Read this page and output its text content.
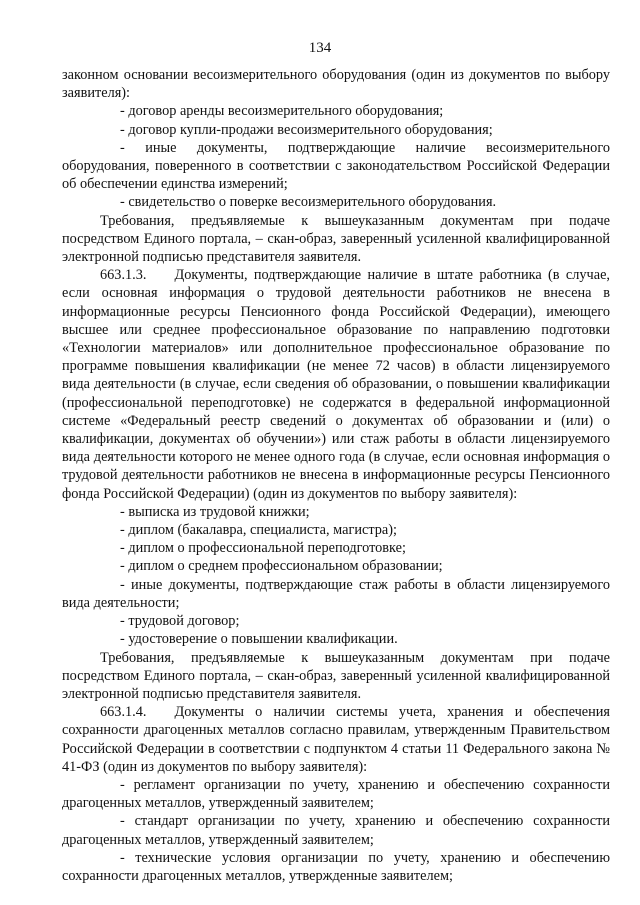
134

законном основании весоизмерительного оборудования (один из документов по выбору заявителя):

- договор аренды весоизмерительного оборудования;

- договор купли-продажи весоизмерительного оборудования;

- иные документы, подтверждающие наличие весоизмерительного оборудования, поверенного в соответствии с законодательством Российской Федерации об обеспечении единства измерений;

- свидетельство о поверке весоизмерительного оборудования.

Требования, предъявляемые к вышеуказанным документам при подаче посредством Единого портала, – скан-образ, заверенный усиленной квалифицированной электронной подписью представителя заявителя.

663.1.3. Документы, подтверждающие наличие в штате работника (в случае, если основная информация о трудовой деятельности работников не внесена в информационные ресурсы Пенсионного фонда Российской Федерации), имеющего высшее или среднее профессиональное образование по направлению подготовки «Технологии материалов» или дополнительное профессиональное образование по программе повышения квалификации (не менее 72 часов) в области лицензируемого вида деятельности (в случае, если сведения об образовании, о повышении квалификации (профессиональной переподготовке) не содержатся в федеральной информационной системе «Федеральный реестр сведений о документах об образовании и (или) о квалификации, документах об обучении») или стаж работы в области лицензируемого вида деятельности которого не менее одного года (в случае, если основная информация о трудовой деятельности работников не внесена в информационные ресурсы Пенсионного фонда Российской Федерации) (один из документов по выбору заявителя):

- выписка из трудовой книжки;

- диплом (бакалавра, специалиста, магистра);

- диплом о профессиональной переподготовке;

- диплом о среднем профессиональном образовании;

- иные документы, подтверждающие стаж работы в области лицензируемого вида деятельности;

- трудовой договор;

- удостоверение о повышении квалификации.

Требования, предъявляемые к вышеуказанным документам при подаче посредством Единого портала, – скан-образ, заверенный усиленной квалифицированной электронной подписью представителя заявителя.

663.1.4. Документы о наличии системы учета, хранения и обеспечения сохранности драгоценных металлов согласно правилам, утвержденным Правительством Российской Федерации в соответствии с подпунктом 4 статьи 11 Федерального закона № 41-ФЗ (один из документов по выбору заявителя):

- регламент организации по учету, хранению и обеспечению сохранности драгоценных металлов, утвержденный заявителем;

- стандарт организации по учету, хранению и обеспечению сохранности драгоценных металлов, утвержденный заявителем;

- технические условия организации по учету, хранению и обеспечению сохранности драгоценных металлов, утвержденные заявителем;
